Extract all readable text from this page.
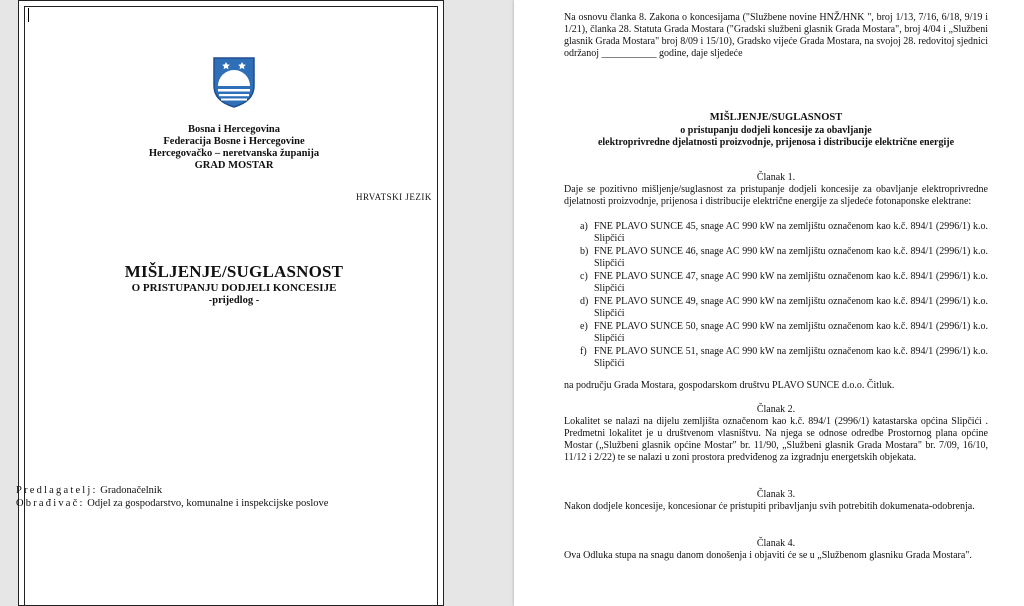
Bosna i Hercegovina
Federacija Bosne i Hercegovine
Hercegovačko – neretvanska županija
GRAD MOSTAR
HRVATSKI JEZIK
MIŠLJENJE/SUGLASNOST
O PRISTUPANJU DODJELI KONCESIJE
-prijedlog -
Predlagatelj: Gradonačelnik
Obrađivač: Odjel za gospodarstvo, komunalne i inspekcijske poslove
Na osnovu članka 8. Zakona o koncesijama ("Službene novine HNŽ/HNK ", broj 1/13, 7/16, 6/18, 9/19 i 1/21), članka 28. Statuta Grada Mostara ("Gradski službeni glasnik Grada Mostara", broj 4/04 i „Službeni glasnik Grada Mostara" broj 8/09 i 15/10), Gradsko vijeće Grada Mostara, na svojoj 28. redovitoj sjednici održanoj ___________ godine, daje sljedeće
MIŠLJENJE/SUGLASNOST
o pristupanju dodjeli koncesije za obavljanje
elektroprivredne djelatnosti proizvodnje, prijenosa i distribucije električne energije
Članak 1.
Daje se pozitivno mišljenje/suglasnost za pristupanje dodjeli koncesije za obavljanje elektroprivredne djelatnosti proizvodnje, prijenosa i distribucije električne energije za sljedeće fotonaponske elektrane:
a) FNE PLAVO SUNCE 45, snage AC 990 kW na zemljištu označenom kao k.č. 894/1 (2996/1) k.o. Slipčići
b) FNE PLAVO SUNCE 46, snage AC 990 kW na zemljištu označenom kao k.č. 894/1 (2996/1) k.o. Slipčići
c) FNE PLAVO SUNCE 47, snage AC 990 kW na zemljištu označenom kao k.č. 894/1 (2996/1) k.o. Slipčići
d) FNE PLAVO SUNCE 49, snage AC 990 kW na zemljištu označenom kao k.č. 894/1 (2996/1) k.o. Slipčići
e) FNE PLAVO SUNCE 50, snage AC 990 kW na zemljištu označenom kao k.č. 894/1 (2996/1) k.o. Slipčići
f) FNE PLAVO SUNCE 51, snage AC 990 kW na zemljištu označenom kao k.č. 894/1 (2996/1) k.o. Slipčići
na području Grada Mostara, gospodarskom društvu PLAVO SUNCE d.o.o. Čitluk.
Članak 2.
Lokalitet se nalazi na dijelu zemljišta označenom kao k.č. 894/1 (2996/1) katastarska općina Slipčići . Predmetni lokalitet je u društvenom vlasništvu. Na njega se odnose odredbe Prostornog plana općine Mostar („Službeni glasnik općine Mostar" br. 11/90, „Službeni glasnik Grada Mostara" br. 7/09, 16/10, 11/12 i 2/22) te se nalazi u zoni prostora predviđenog za izgradnju energetskih objekata.
Članak 3.
Nakon dodjele koncesije, koncesionar će pristupiti pribavljanju svih potrebitih dokumenata-odobrenja.
Članak 4.
Ova Odluka stupa na snagu danom donošenja i objaviti će se u „Službenom glasniku Grada Mostara".
